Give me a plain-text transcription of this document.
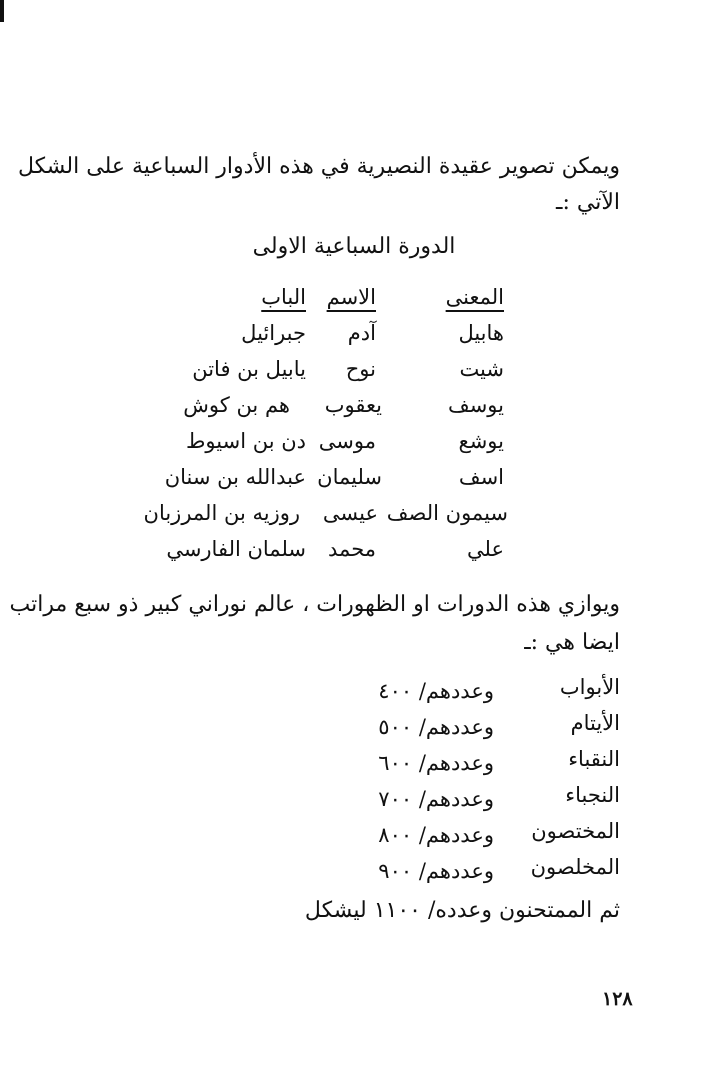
ويمكن تصوير عقيدة النصيرية في هذه الأدوار السباعية على الشكل
الآتي :ـ
الدورة السباعية الاولى
المعنى
الاسم
الباب
هابيل
آدم
جبرائيل
شيت
نوح
يابيل بن فاتن
يوسف
يعقوب
هم بن كوش
يوشع
موسى
دن بن اسيوط
اسف
سليمان
عبدالله بن سنان
سيمون الصف
عيسى
روزيه بن المرزبان
علي
محمد
سلمان الفارسي
ويوازي هذه الدورات او الظهورات ، عالم نوراني كبير ذو سبع مراتب
ايضا هي :ـ
الأبواب
وعددهم/ ٤٠٠
الأيتام
وعددهم/ ٥٠٠
النقباء
وعددهم/ ٦٠٠
النجباء
وعددهم/ ٧٠٠
المختصون
وعددهم/ ٨٠٠
المخلصون
وعددهم/ ٩٠٠
ثم الممتحنون وعدده/ ١١٠٠ ليشكل
١٢٨
